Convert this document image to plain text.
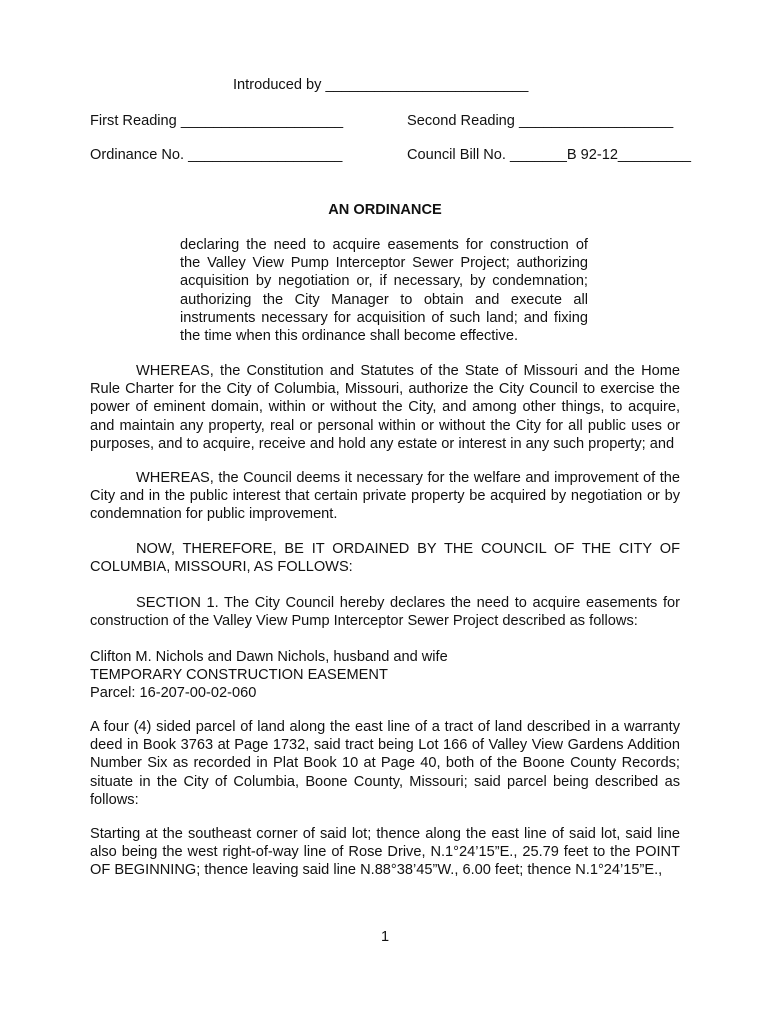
Introduced by _________________________
First Reading ____________________	Second Reading ___________________
Ordinance No. ___________________	Council Bill No. _______B 92-12_________
AN ORDINANCE
declaring the need to acquire easements for construction of the Valley View Pump Interceptor Sewer Project; authorizing acquisition by negotiation or, if necessary, by condemnation; authorizing the City Manager to obtain and execute all instruments necessary for acquisition of such land; and fixing the time when this ordinance shall become effective.
WHEREAS, the Constitution and Statutes of the State of Missouri and the Home Rule Charter for the City of Columbia, Missouri, authorize the City Council to exercise the power of eminent domain, within or without the City, and among other things, to acquire, and maintain any property, real or personal within or without the City for all public uses or purposes, and to acquire, receive and hold any estate or interest in any such property; and
WHEREAS, the Council deems it necessary for the welfare and improvement of the City and in the public interest that certain private property be acquired by negotiation or by condemnation for public improvement.
NOW, THEREFORE, BE IT ORDAINED BY THE COUNCIL OF THE CITY OF COLUMBIA, MISSOURI, AS FOLLOWS:
SECTION 1. The City Council hereby declares the need to acquire easements for construction of the Valley View Pump Interceptor Sewer Project described as follows:
Clifton M. Nichols and Dawn Nichols, husband and wife
TEMPORARY CONSTRUCTION EASEMENT
Parcel: 16-207-00-02-060
A four (4) sided parcel of land along the east line of a tract of land described in a warranty deed in Book 3763 at Page 1732, said tract being Lot 166 of Valley View Gardens Addition Number Six as recorded in Plat Book 10 at Page 40, both of the Boone County Records; situate in the City of Columbia, Boone County, Missouri; said parcel being described as follows:
Starting at the southeast corner of said lot; thence along the east line of said lot, said line also being the west right-of-way line of Rose Drive, N.1°24’15”E., 25.79 feet to the POINT OF BEGINNING; thence leaving said line N.88°38’45”W., 6.00 feet; thence N.1°24’15”E.,
1
